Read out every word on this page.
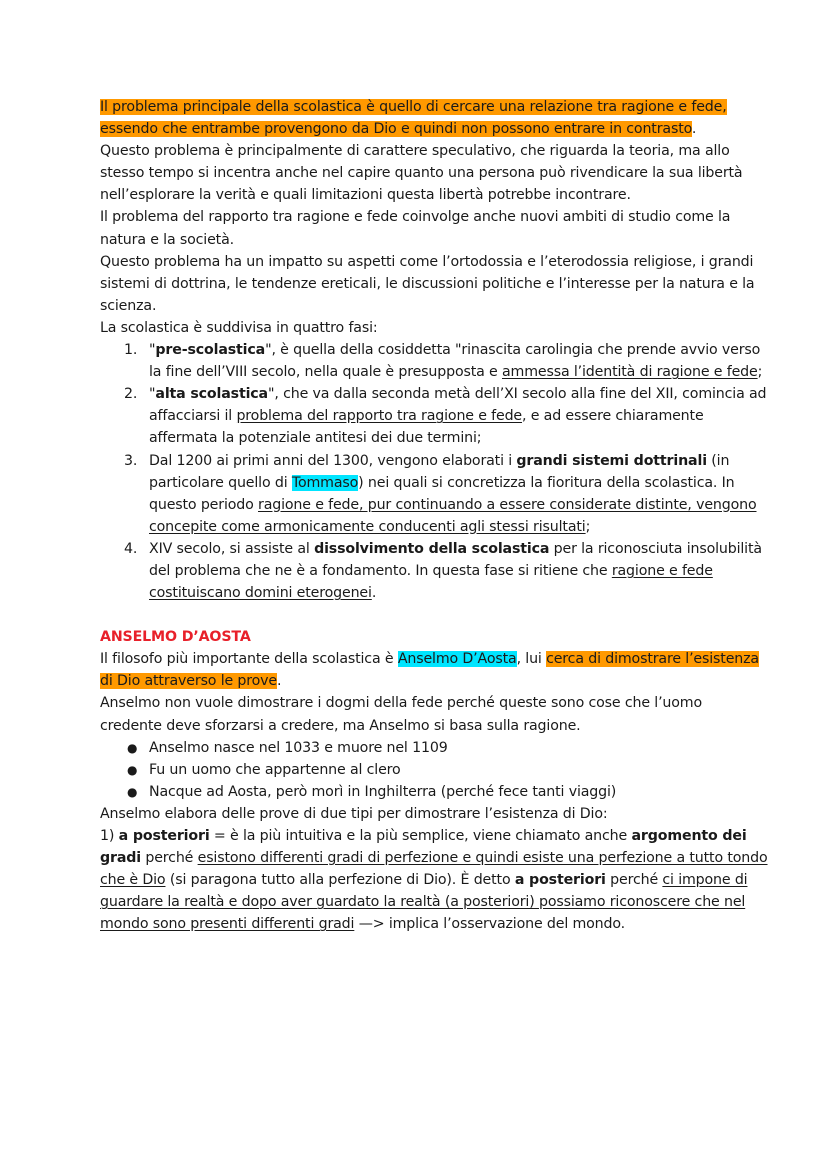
Il problema principale della scolastica è quello di cercare una relazione tra ragione e fede, essendo che entrambe provengono da Dio e quindi non possono entrare in contrasto.

Questo problema è principalmente di carattere speculativo, che riguarda la teoria, ma allo stesso tempo si incentra anche nel capire quanto una persona può rivendicare la sua libertà nell’esplorare la verità e quali limitazioni questa libertà potrebbe incontrare.

Il problema del rapporto tra ragione e fede coinvolge anche nuovi ambiti di studio come la natura e la società.

Questo problema ha un impatto su aspetti come l’ortodossia e l’eterodossia religiose, i grandi sistemi di dottrina, le tendenze ereticali, le discussioni politiche e l’interesse per la natura e la scienza.

La scolastica è suddivisa in quattro fasi:

1. "pre-scolastica", è quella della cosiddetta "rinascita carolingia che prende avvio verso la fine dell’VIII secolo, nella quale è presupposta e ammessa l’identità di ragione e fede;
2. "alta scolastica", che va dalla seconda metà dell’XI secolo alla fine del XII, comincia ad affacciarsi il problema del rapporto tra ragione e fede, e ad essere chiaramente affermata la potenziale antitesi dei due termini;
3. Dal 1200 ai primi anni del 1300, vengono elaborati i grandi sistemi dottrinali (in particolare quello di Tommaso) nei quali si concretizza la fioritura della scolastica. In questo periodo ragione e fede, pur continuando a essere considerate distinte, vengono concepite come armonicamente conducenti agli stessi risultati;
4. XIV secolo, si assiste al dissolvimento della scolastica per la riconosciuta insolubilità del problema che ne è a fondamento. In questa fase si ritiene che ragione e fede costituiscano domini eterogenei.

ANSELMO D’AOSTA

Il filosofo più importante della scolastica è Anselmo D’Aosta, lui cerca di dimostrare l’esistenza di Dio attraverso le prove.

Anselmo non vuole dimostrare i dogmi della fede perché queste sono cose che l’uomo credente deve sforzarsi a credere, ma Anselmo si basa sulla ragione.

● Anselmo nasce nel 1033 e muore nel 1109
● Fu un uomo che appartenne al clero
● Nacque ad Aosta, però morì in Inghilterra (perché fece tanti viaggi)

Anselmo elabora delle prove di due tipi per dimostrare l’esistenza di Dio:

1) a posteriori = è la più intuitiva e la più semplice, viene chiamato anche argomento dei gradi perché esistono differenti gradi di perfezione e quindi esiste una perfezione a tutto tondo che è Dio (si paragona tutto alla perfezione di Dio). È detto a posteriori perché ci impone di guardare la realtà e dopo aver guardato la realtà (a posteriori) possiamo riconoscere che nel mondo sono presenti differenti gradi —> implica l’osservazione del mondo.
